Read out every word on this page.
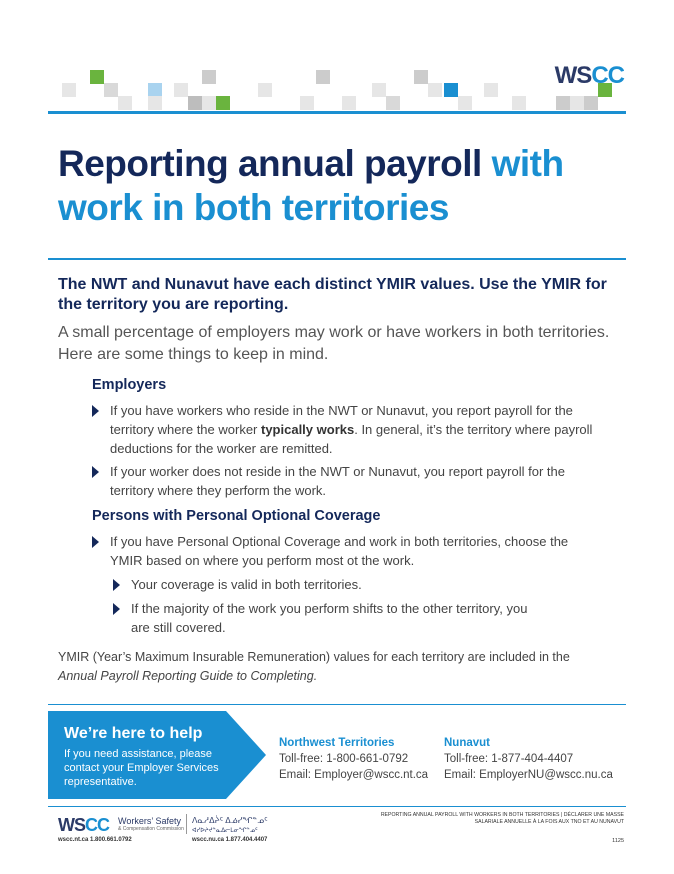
WSCC
Reporting annual payroll with
work in both territories

The NWT and Nunavut have each distinct YMIR values. Use the YMIR for the territory you are reporting.

A small percentage of employers may work or have workers in both territories. Here are some things to keep in mind.

Employers
If you have workers who reside in the NWT or Nunavut, you report payroll for the territory where the worker typically works. In general, it’s the territory where payroll deductions for the worker are remitted.
If your worker does not reside in the NWT or Nunavut, you report payroll for the territory where they perform the work.
Persons with Personal Optional Coverage
If you have Personal Optional Coverage and work in both territories, choose the YMIR based on where you perform most ot the work.
Your coverage is valid in both territories.
If the majority of the work you perform shifts to the other territory, you are still covered.

YMIR (Year’s Maximum Insurable Remuneration) values for each territory are included in the
Annual Payroll Reporting Guide to Completing.

We’re here to help
If you need assistance, please contact your Employer Services representative.
Northwest Territories
Toll-free: 1-800-661-0792
Email: Employer@wscc.nt.ca
Nunavut
Toll-free: 1-877-404-4407
Email: EmployerNU@wscc.nu.ca
WSCC Workers’ Safety
& Compensation Commission
ᐱᓇᓱᐃᔩᑦ ᐃᓅᓯᖏᓐᓄᑦ
ᐊᓯᐅᔨᔪᓐᓇᐃᓕᒪᓂᖏᓐᓄᑦ
wscc.nt.ca 1.800.661.0792	wscc.nu.ca 1.877.404.4407
REPORTING ANNUAL PAYROLL WITH WORKERS IN BOTH TERRITORIES | DÉCLARER UNE MASSE SALARIALE ANNUELLE À LA FOIS AUX TNO ET AU NUNAVUT
1125
